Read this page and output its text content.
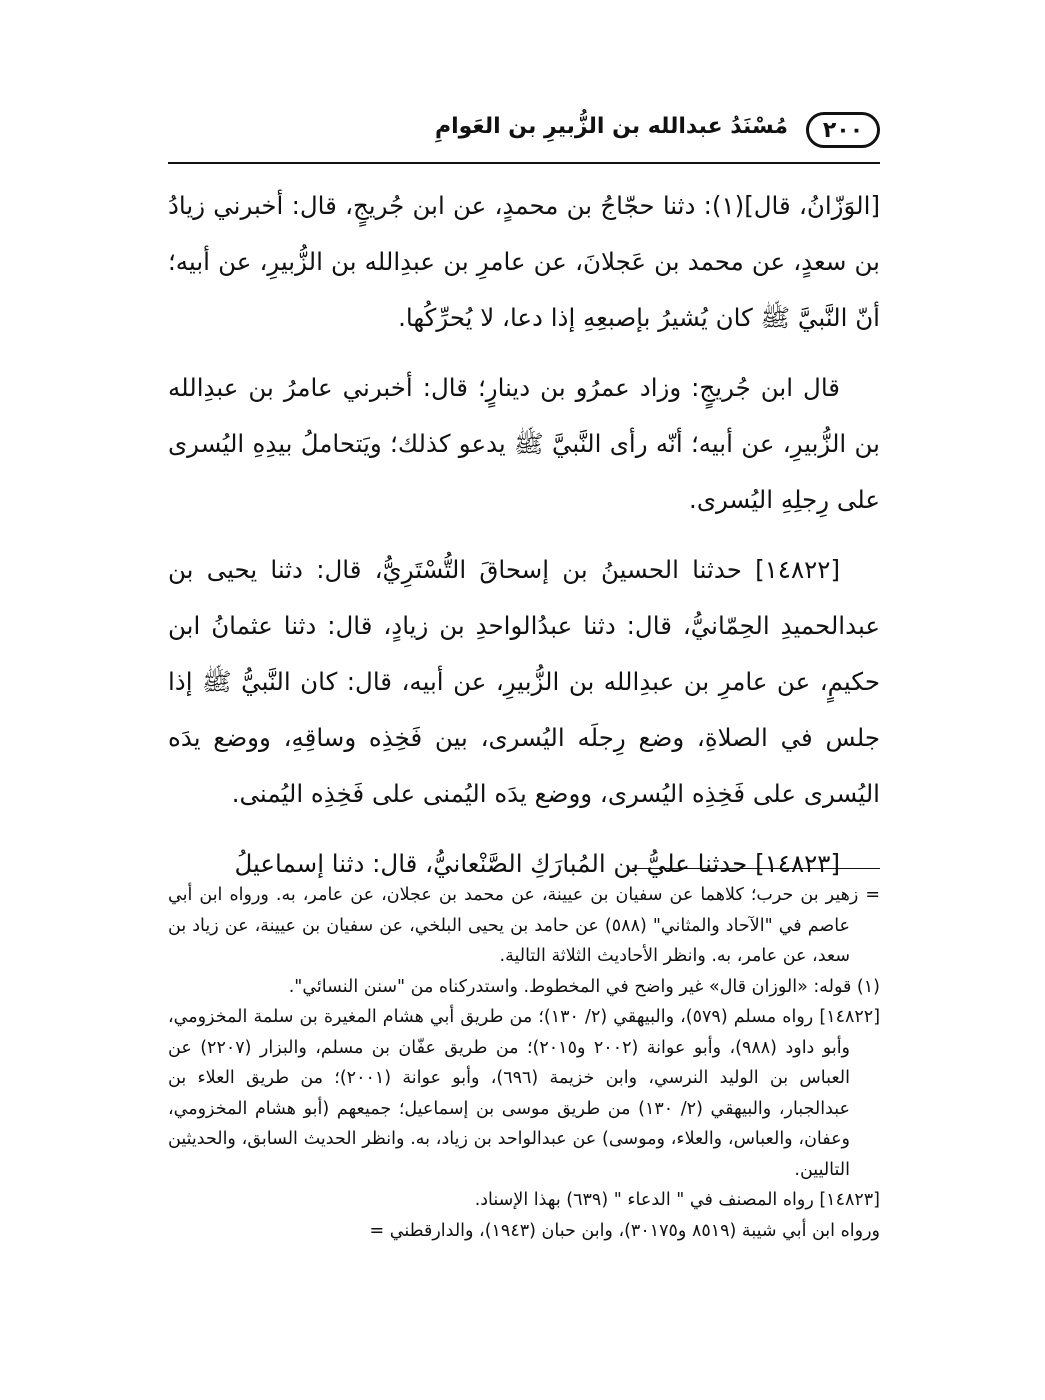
٢٠٠
مُسْنَدُ عبدالله بن الزُّبيرِ بن العَوامِ

[الوَزّانُ، قال](١): دثنا حجّاجُ بن محمدٍ، عن ابن جُريجٍ، قال: أخبرني زيادُ بن سعدٍ، عن محمد بن عَجلانَ، عن عامرِ بن عبدِالله بن الزُّبيرِ، عن أبيه؛ أنّ النَّبيَّ ﷺ كان يُشيرُ بإصبعِهِ إذا دعا، لا يُحرِّكُها.

قال ابن جُريجٍ: وزاد عمرُو بن دينارٍ؛ قال: أخبرني عامرُ بن عبدِالله بن الزُّبيرِ، عن أبيه؛ أنّه رأى النَّبيَّ ﷺ يدعو كذلك؛ ويَتحاملُ بيدِهِ اليُسرى على رِجلِهِ اليُسرى.

[١٤٨٢٢] حدثنا الحسينُ بن إسحاقَ التُّسْتَرِيُّ، قال: دثنا يحيى بن عبدالحميدِ الحِمّانيُّ، قال: دثنا عبدُالواحدِ بن زيادٍ، قال: دثنا عثمانُ ابن حكيمٍ، عن عامرِ بن عبدِالله بن الزُّبيرِ، عن أبيه، قال: كان النَّبيُّ ﷺ إذا جلس في الصلاةِ، وضع رِجلَه اليُسرى، بين فَخِذِه وساقِهِ، ووضع يدَه اليُسرى على فَخِذِه اليُسرى، ووضع يدَه اليُمنى على فَخِذِه اليُمنى.

[١٤٨٢٣] حدثنا عليُّ بن المُبارَكِ الصَّنْعانيُّ، قال: دثنا إسماعيلُ

= زهير بن حرب؛ كلاهما عن سفيان بن عيينة، عن محمد بن عجلان، عن عامر، به. ورواه ابن أبي عاصم في "الآحاد والمثاني" (٥٨٨) عن حامد بن يحيى البلخي، عن سفيان بن عيينة، عن زياد بن سعد، عن عامر، به. وانظر الأحاديث الثلاثة التالية.

(١) قوله: «الوزان قال» غير واضح في المخطوط. واستدركناه من "سنن النسائي".

[١٤٨٢٢] رواه مسلم (٥٧٩)، والبيهقي (٢/ ١٣٠)؛ من طريق أبي هشام المغيرة بن سلمة المخزومي، وأبو داود (٩٨٨)، وأبو عوانة (٢٠٠٢ و٢٠١٥)؛ من طريق عفّان بن مسلم، والبزار (٢٢٠٧) عن العباس بن الوليد النرسي، وابن خزيمة (٦٩٦)، وأبو عوانة (٢٠٠١)؛ من طريق العلاء بن عبدالجبار، والبيهقي (٢/ ١٣٠) من طريق موسى بن إسماعيل؛ جميعهم (أبو هشام المخزومي، وعفان، والعباس، والعلاء، وموسى) عن عبدالواحد بن زياد، به. وانظر الحديث السابق، والحديثين التاليين.

[١٤٨٢٣] رواه المصنف في " الدعاء " (٦٣٩) بهذا الإسناد.

ورواه ابن أبي شيبة (٨٥١٩ و٣٠١٧٥)، وابن حبان (١٩٤٣)، والدارقطني =
